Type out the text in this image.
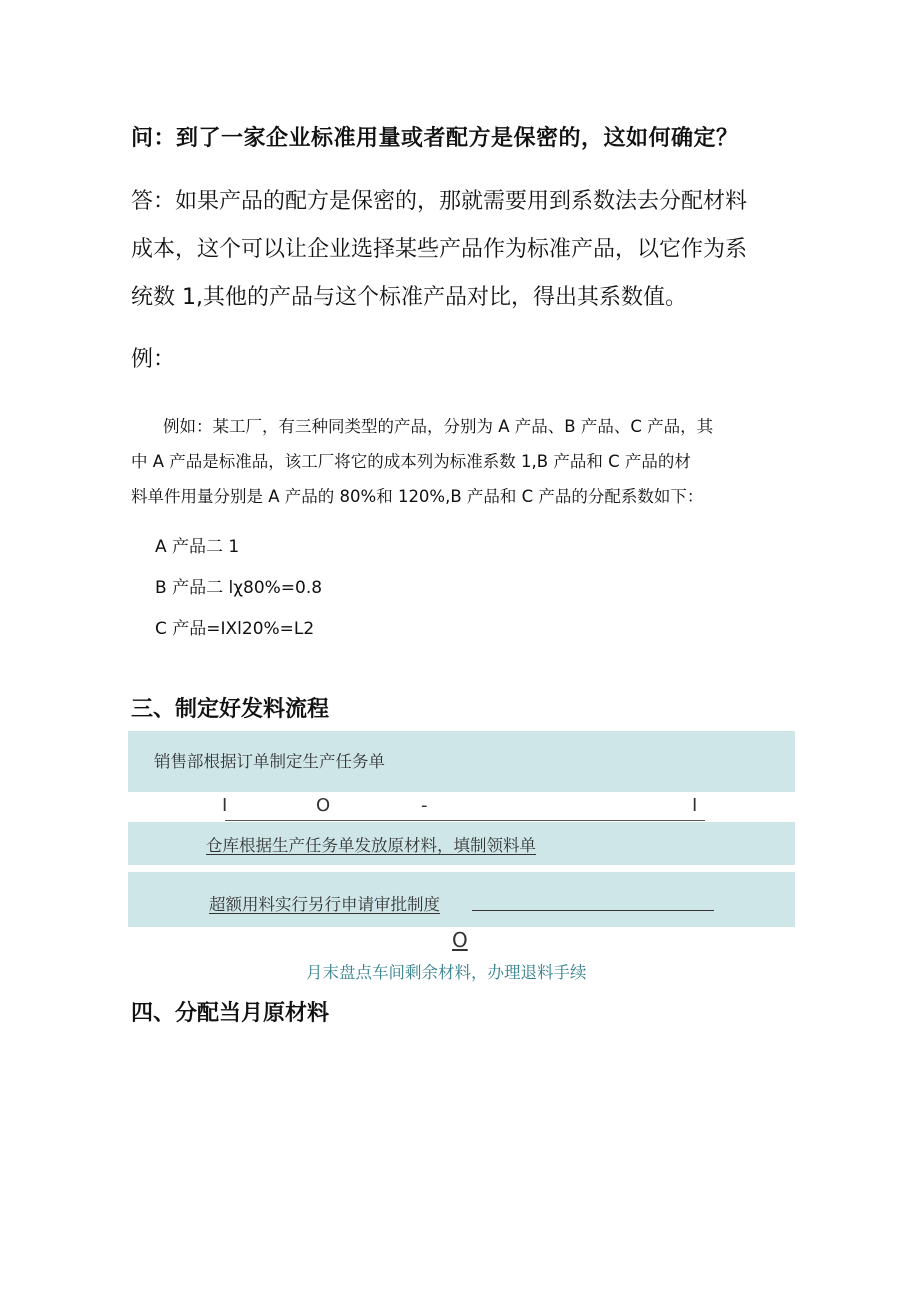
问：到了一家企业标准用量或者配方是保密的，这如何确定？
答：如果产品的配方是保密的，那就需要用到系数法去分配材料
成本，这个可以让企业选择某些产品作为标准产品，以它作为系
统数 1,其他的产品与这个标准产品对比，得出其系数值。
例：
例如：某工厂，有三种同类型的产品，分别为 A 产品、B 产品、C 产品，其
中 A 产品是标准品，该工厂将它的成本列为标准系数 1,B 产品和 C 产品的材
料单件用量分别是 A 产品的 80%和 120%,B 产品和 C 产品的分配系数如下：
A 产品二 1
B 产品二 lχ80%=0.8
C 产品=IXl20%=L2
三、制定好发料流程
销售部根据订单制定生产任务单
I	O	-	I
仓库根据生产任务单发放原材料，填制领料单
超额用料实行另行申请审批制度
O
月末盘点车间剩余材料，办理退料手续
四、分配当月原材料
